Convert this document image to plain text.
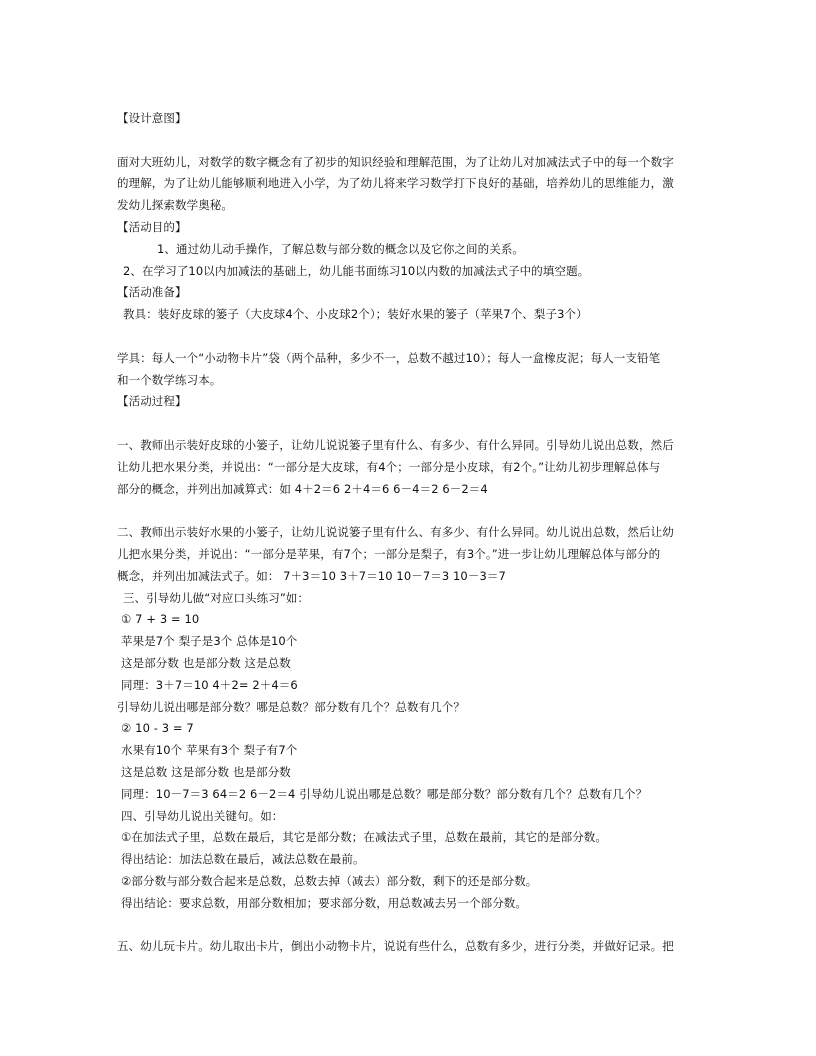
【设计意图】
面对大班幼儿，对数学的数字概念有了初步的知识经验和理解范围，为了让幼儿对加减法式子中的每一个数字
的理解，为了让幼儿能够顺利地进入小学，为了幼儿将来学习数学打下良好的基础，培养幼儿的思维能力，激
发幼儿探索数学奥秘。
【活动目的】
1、通过幼儿动手操作，了解总数与部分数的概念以及它你之间的关系。
2、在学习了10以内加减法的基础上，幼儿能书面练习10以内数的加减法式子中的填空题。
【活动准备】
教具：装好皮球的篓子（大皮球4个、小皮球2个）；装好水果的篓子（苹果7个、梨子3个）
学具：每人一个“小动物卡片”袋（两个品种，多少不一，总数不越过10）；每人一盒橡皮泥；每人一支铅笔
和一个数学练习本。
【活动过程】
一、教师出示装好皮球的小篓子，让幼儿说说篓子里有什么、有多少、有什么异同。引导幼儿说出总数，然后
让幼儿把水果分类，并说出：“一部分是大皮球，有4个；一部分是小皮球，有2个。”让幼儿初步理解总体与
部分的概念，并列出加减算式：如 4＋2＝6 2＋4＝6 6－4＝2 6－2＝4
二、教师出示装好水果的小篓子，让幼儿说说篓子里有什么、有多少、有什么异同。幼儿说出总数，然后让幼
儿把水果分类，并说出：“一部分是苹果，有7个；一部分是梨子，有3个。”进一步让幼儿理解总体与部分的
概念，并列出加减法式子。如： 7＋3＝10 3＋7＝10 10－7＝3 10－3＝7
三、引导幼儿做“对应口头练习”如：
① 7 + 3 = 10
苹果是7个 梨子是3个 总体是10个
这是部分数 也是部分数 这是总数
同理：3＋7＝10 4＋2= 2＋4＝6
引导幼儿说出哪是部分数？哪是总数？部分数有几个？总数有几个？
② 10 - 3 = 7
水果有10个 苹果有3个 梨子有7个
这是总数 这是部分数 也是部分数
同理：10－7＝3 64＝2 6－2＝4 引导幼儿说出哪是总数？哪是部分数？部分数有几个？总数有几个？
四、引导幼儿说出关键句。如：
①在加法式子里，总数在最后，其它是部分数；在减法式子里，总数在最前，其它的是部分数。
得出结论：加法总数在最后，减法总数在最前。
②部分数与部分数合起来是总数，总数去掉（减去）部分数，剩下的还是部分数。
得出结论：要求总数，用部分数相加；要求部分数，用总数减去另一个部分数。
五、幼儿玩卡片。幼儿取出卡片，倒出小动物卡片，说说有些什么，总数有多少，进行分类，并做好记录。把
